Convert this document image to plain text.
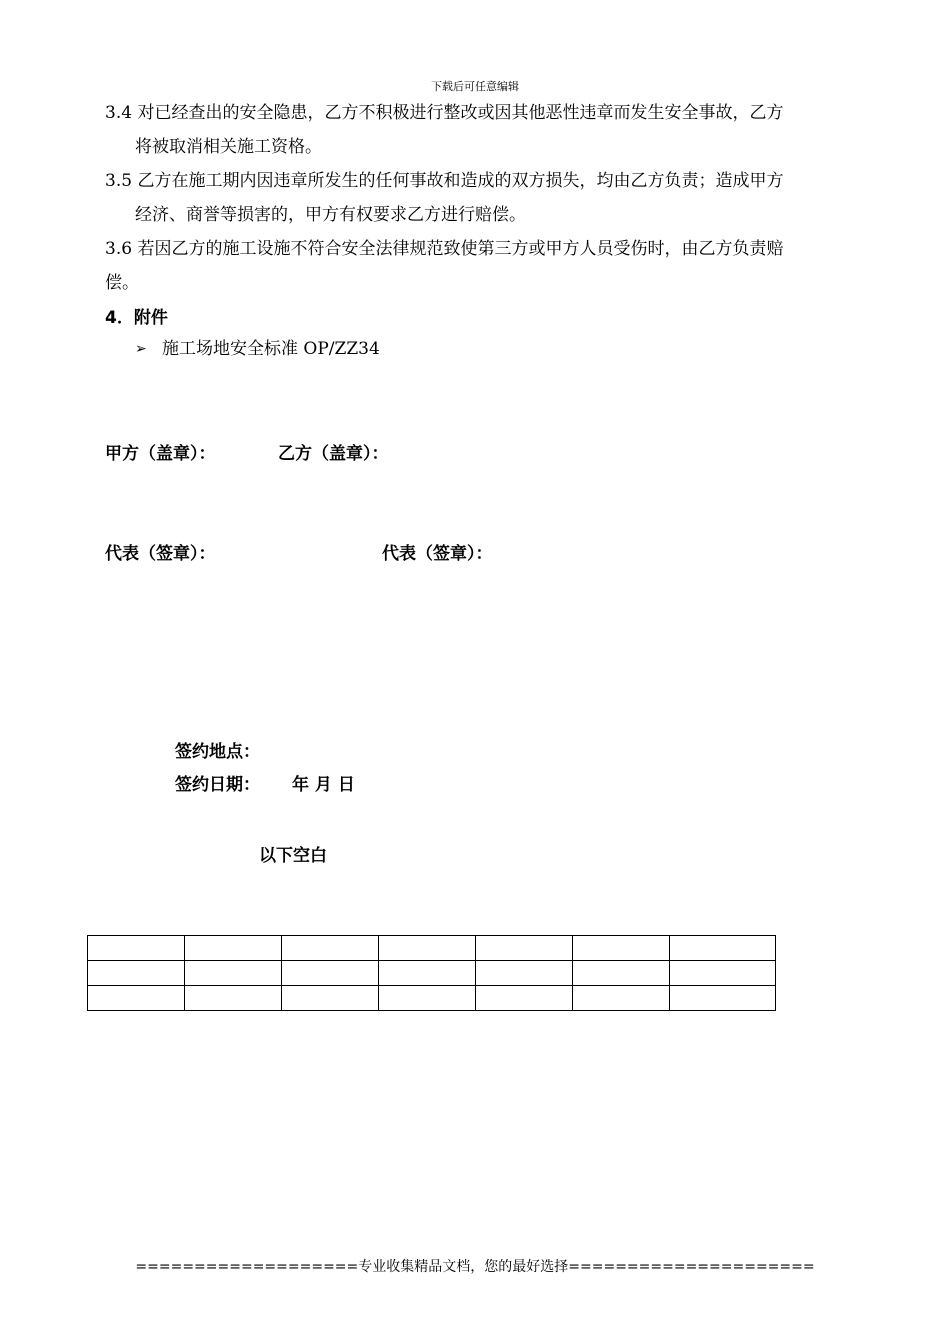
下载后可任意编辑
3.4 对已经查出的安全隐患，乙方不积极进行整改或因其他恶性违章而发生安全事故，乙方
将被取消相关施工资格。
3.5 乙方在施工期内因违章所发生的任何事故和造成的双方损失，均由乙方负责；造成甲方
经济、商誉等损害的，甲方有权要求乙方进行赔偿。
3.6 若因乙方的施工设施不符合安全法律规范致使第三方或甲方人员受伤时，由乙方负责赔
偿。
4．附件
➢ 施工场地安全标准 OP/ZZ34
甲方（盖章）：	乙方（盖章）：
代表（签章）：	代表（签章）：
签约地点：
签约日期： 年 月 日
以下空白

===================专业收集精品文档，您的最好选择=====================
